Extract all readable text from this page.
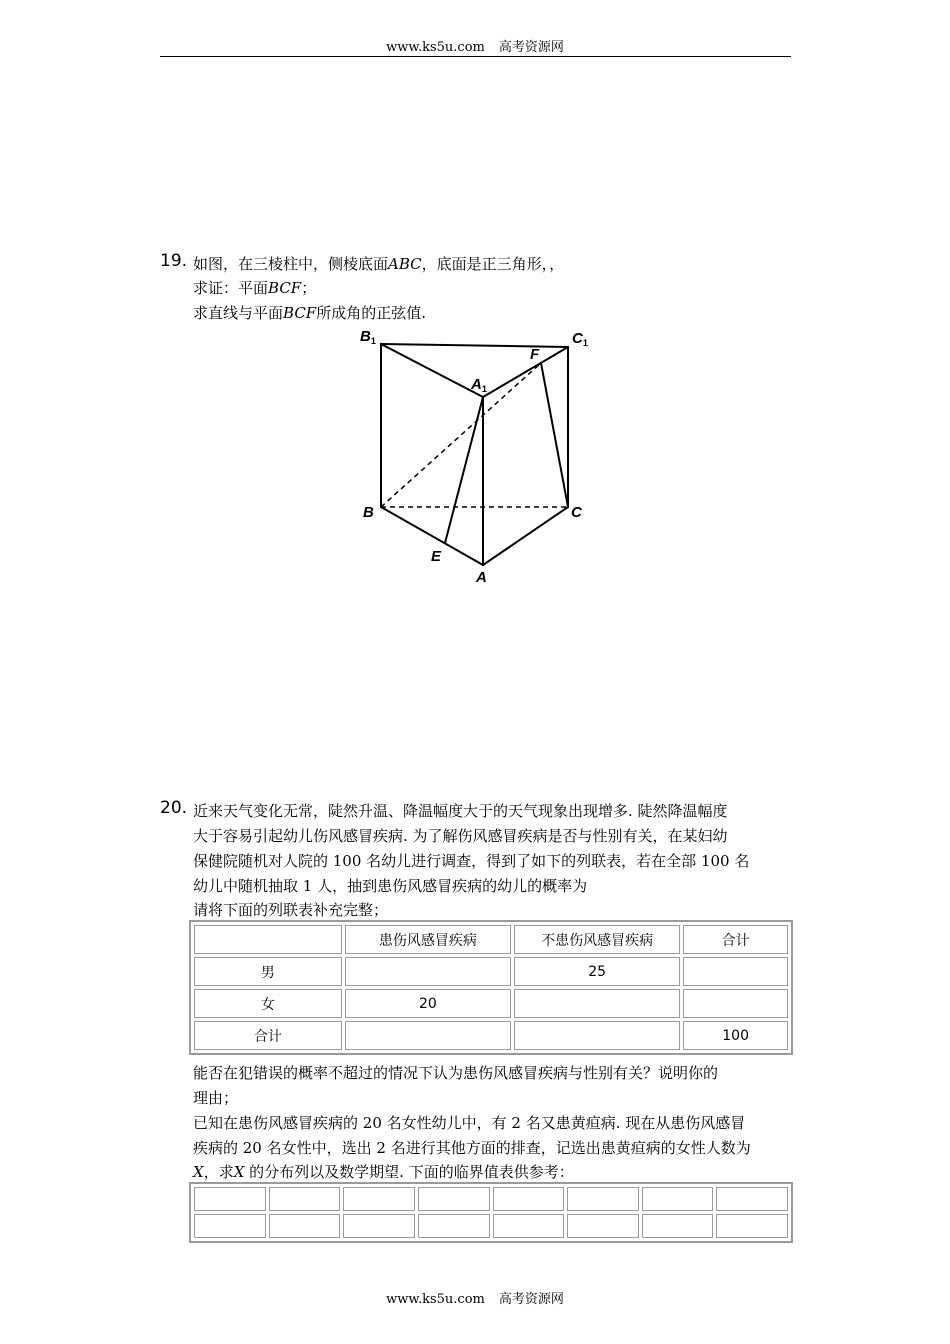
www.ks5u.com 高考资源网
19. 如图，在三棱柱中，侧棱底面ABC，底面是正三角形，，
求证：平面BCF；
求直线与平面BCF所成角的正弦值.
$B_1$	$C_1$
$A_1$
F
B	C
E
A
20. 近来天气变化无常，陡然升温、降温幅度大于的天气现象出现增多. 陡然降温幅度
大于容易引起幼儿伤风感冒疾病. 为了解伤风感冒疾病是否与性别有关，在某妇幼
保健院随机对人院的 100 名幼儿进行调查，得到了如下的列联表，若在全部 100 名
幼儿中随机抽取 1 人，抽到患伤风感冒疾病的幼儿的概率为
请将下面的列联表补充完整；
	患伤风感冒疾病	不患伤风感冒疾病	合计
男		25	
女	20		
合计			100
能否在犯错误的概率不超过的情况下认为患伤风感冒疾病与性别有关？说明你的
理由；
已知在患伤风感冒疾病的 20 名女性幼儿中，有 2 名又患黄疸病. 现在从患伤风感冒
疾病的 20 名女性中，选出 2 名进行其他方面的排查，记选出患黄疸病的女性人数为
X，求X 的分布列以及数学期望. 下面的临界值表供参考：

www.ks5u.com 高考资源网
